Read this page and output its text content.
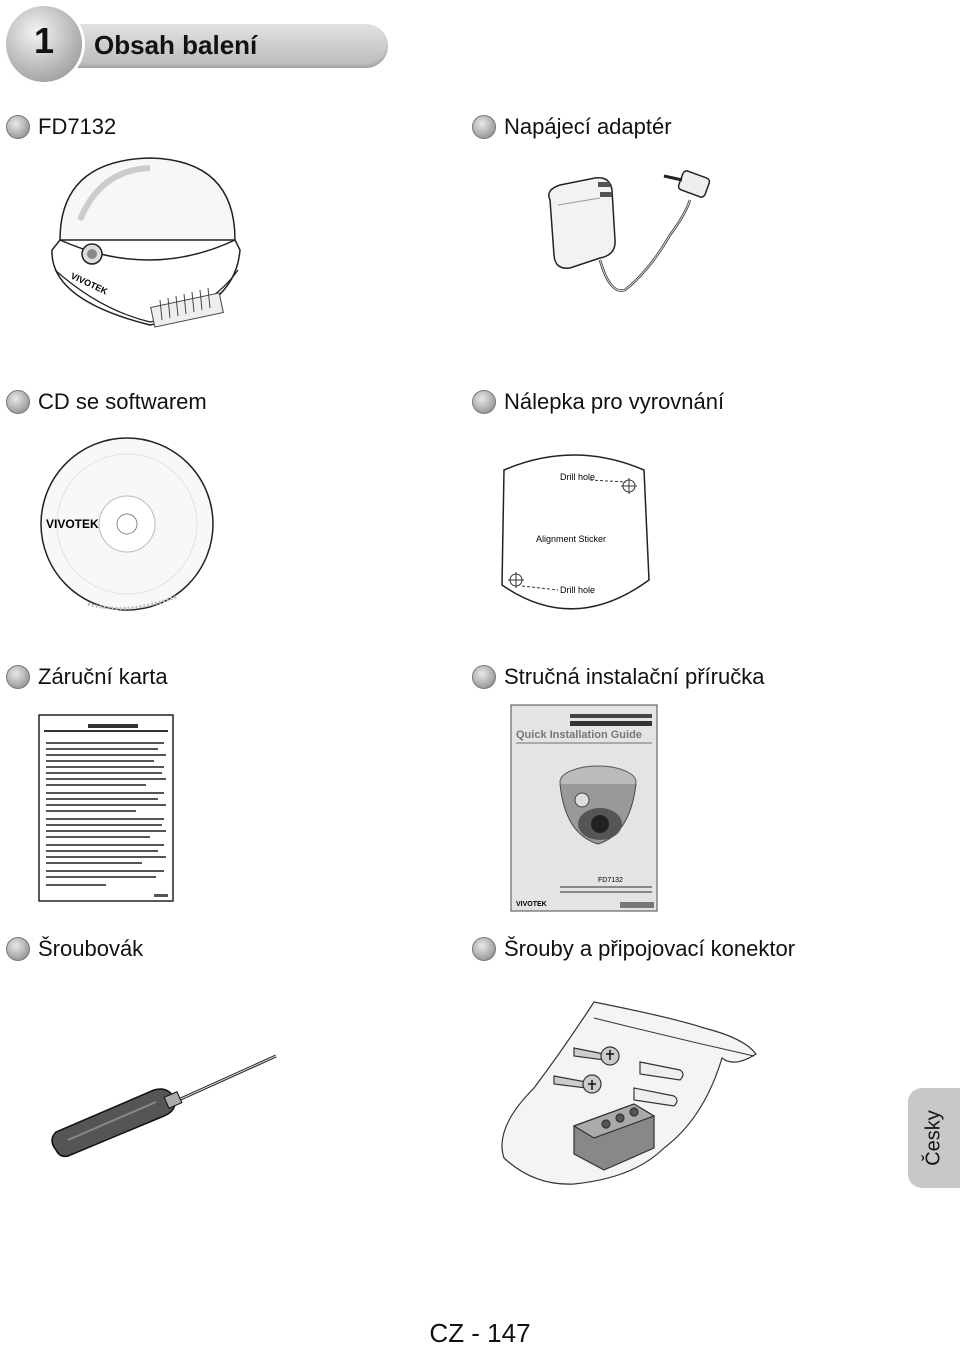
1	Obsah balení
FD7132	Napájecí adaptér
CD se softwarem	Nálepka pro vyrovnání
Záruční karta	Stručná instalační příručka
Šroubovák	Šrouby a připojovací konektor
VIVOTEK
VIVOTEK
Drill hole
Alignment Sticker
Drill hole
Quick Installation Guide
FD7132
VIVOTEK
Česky
CZ - 147
